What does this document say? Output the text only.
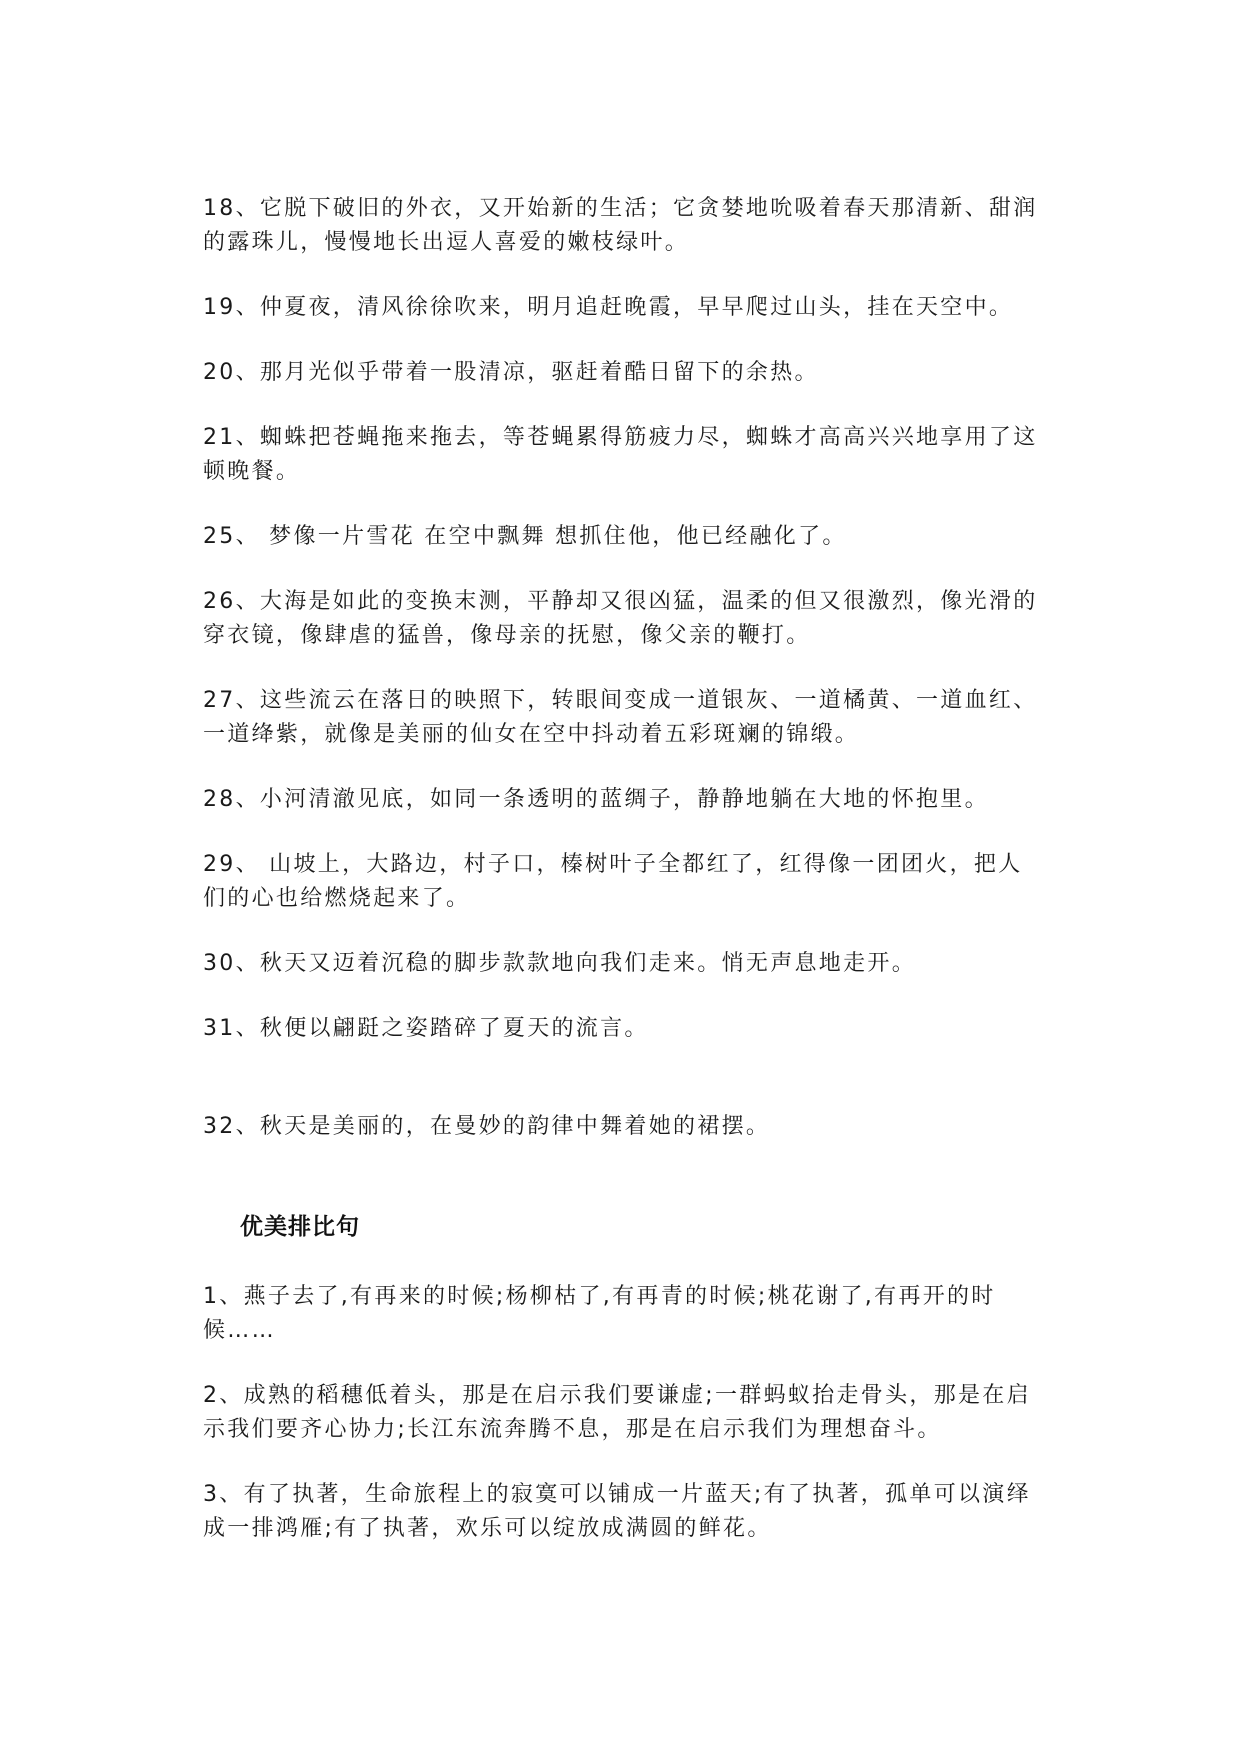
18、它脱下破旧的外衣，又开始新的生活；它贪婪地吮吸着春天那清新、甜润的露珠儿，慢慢地长出逗人喜爱的嫩枝绿叶。

19、仲夏夜，清风徐徐吹来，明月追赶晚霞，早早爬过山头，挂在天空中。

20、那月光似乎带着一股清凉，驱赶着酷日留下的余热。

21、蜘蛛把苍蝇拖来拖去，等苍蝇累得筋疲力尽，蜘蛛才高高兴兴地享用了这顿晚餐。

25、 梦像一片雪花 在空中飘舞 想抓住他，他已经融化了。

26、大海是如此的变换末测，平静却又很凶猛，温柔的但又很激烈，像光滑的穿衣镜，像肆虐的猛兽，像母亲的抚慰，像父亲的鞭打。

27、这些流云在落日的映照下，转眼间变成一道银灰、一道橘黄、一道血红、一道绛紫，就像是美丽的仙女在空中抖动着五彩斑斓的锦缎。

28、小河清澈见底，如同一条透明的蓝绸子，静静地躺在大地的怀抱里。

29、 山坡上，大路边，村子口，榛树叶子全都红了，红得像一团团火，把人们的心也给燃烧起来了。

30、秋天又迈着沉稳的脚步款款地向我们走来。悄无声息地走开。

31、秋便以翩跹之姿踏碎了夏天的流言。

32、秋天是美丽的，在曼妙的韵律中舞着她的裙摆。

优美排比句

1、燕子去了,有再来的时候;杨柳枯了,有再青的时候;桃花谢了,有再开的时候……

2、成熟的稻穗低着头，那是在启示我们要谦虚;一群蚂蚁抬走骨头，那是在启示我们要齐心协力;长江东流奔腾不息，那是在启示我们为理想奋斗。

3、有了执著，生命旅程上的寂寞可以铺成一片蓝天;有了执著，孤单可以演绎成一排鸿雁;有了执著，欢乐可以绽放成满圆的鲜花。
